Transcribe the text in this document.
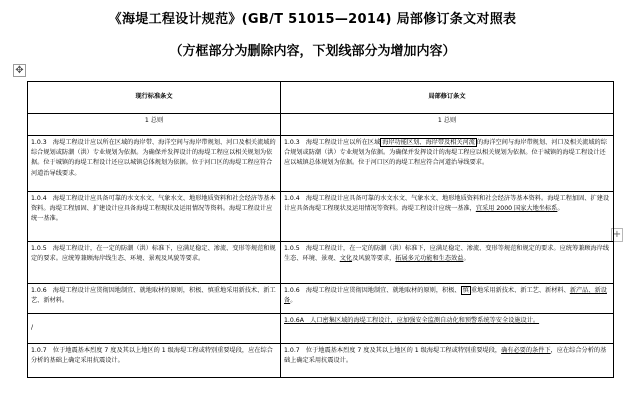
《海堤工程设计规范》(GB/T 51015—2014) 局部修订条文对照表
（方框部分为删除内容，下划线部分为增加内容）
✥
+
现行标准条文	局部修订条文
1 总则	1 总则
1.0.3　海堤工程设计应以所在区域的海岸带、海洋空间与海岸带规划、河口及相关流域的综合规划或防潮（洪）专业规划为依据。为确保并发挥设计的海堤工程应以相关规划为依据。位于城镇的海堤工程设计还应以城镇总体规划为依据。位于河口区的海堤工程应符合河道治导线要求。	1.0.3　海堤工程设计应以所在区域 海岸功能区划、海岸带及相关河流 的海洋空间与海岸带规划、河口及相关流域的综合规划或防潮（洪）专业规划为依据。为确保并发挥设计的海堤工程应以相关规划为依据。位于城镇的海堤工程设计还应以城镇总体规划为依据。位于河口区的海堤工程应符合河道治导线要求。
1.0.4　海堤工程设计应具备可靠的水文水文、气象水文、地形地质资料和社会经济等基本资料。海堤工程加固、扩建设计应具备海堤工程现状及运用情况等资料。海堤工程设计应统一基准。	1.0.4　海堤工程设计应具备可靠的水文水文、气象水文、地形地质资料和社会经济等基本资料。海堤工程加固、扩建设计应具备海堤工程现状及运用情况等资料。海堤工程设计应统一基准，宜采用 2000 国家大地坐标系。
1.0.5　海堤工程设计，在一定的防潮（洪）标准下，应满足稳定、渗流、变形等规范和规定的要求。应统筹兼顾海岸线生态、环境、景观及风貌等要求。	1.0.5　海堤工程设计，在一定的防潮（洪）标准下，应满足稳定、渗流、变形等规范和规定的要求。应统筹兼顾海岸线生态、环境、景观、文化及风貌等要求，拓展多元功能和生态效益。
1.0.6　海堤工程设计应贯彻因地制宜、就地取材的原则，积极、慎重地采用新技术、新工艺、新材料。	1.0.6　海堤工程设计应贯彻因地制宜、就地取材的原则，积极、 慎 重地采用新技术、新工艺、新材料、新产品、新设备。
/	1.0.6A　人口密集区域的海堤工程设计，应加强安全监测自动化和预警系统等安全设施设计。
1.0.7　位于地震基本烈度 7 度及其以上地区的 1 级海堤工程或特别重要堤段，应在综合分析的基础上确定采用抗震设计。	1.0.7　位于地震基本烈度 7 度及其以上地区的 1 级海堤工程或特别重要堤段，确有必要的条件下，应在综合分析的基础上确定采用抗震设计。
